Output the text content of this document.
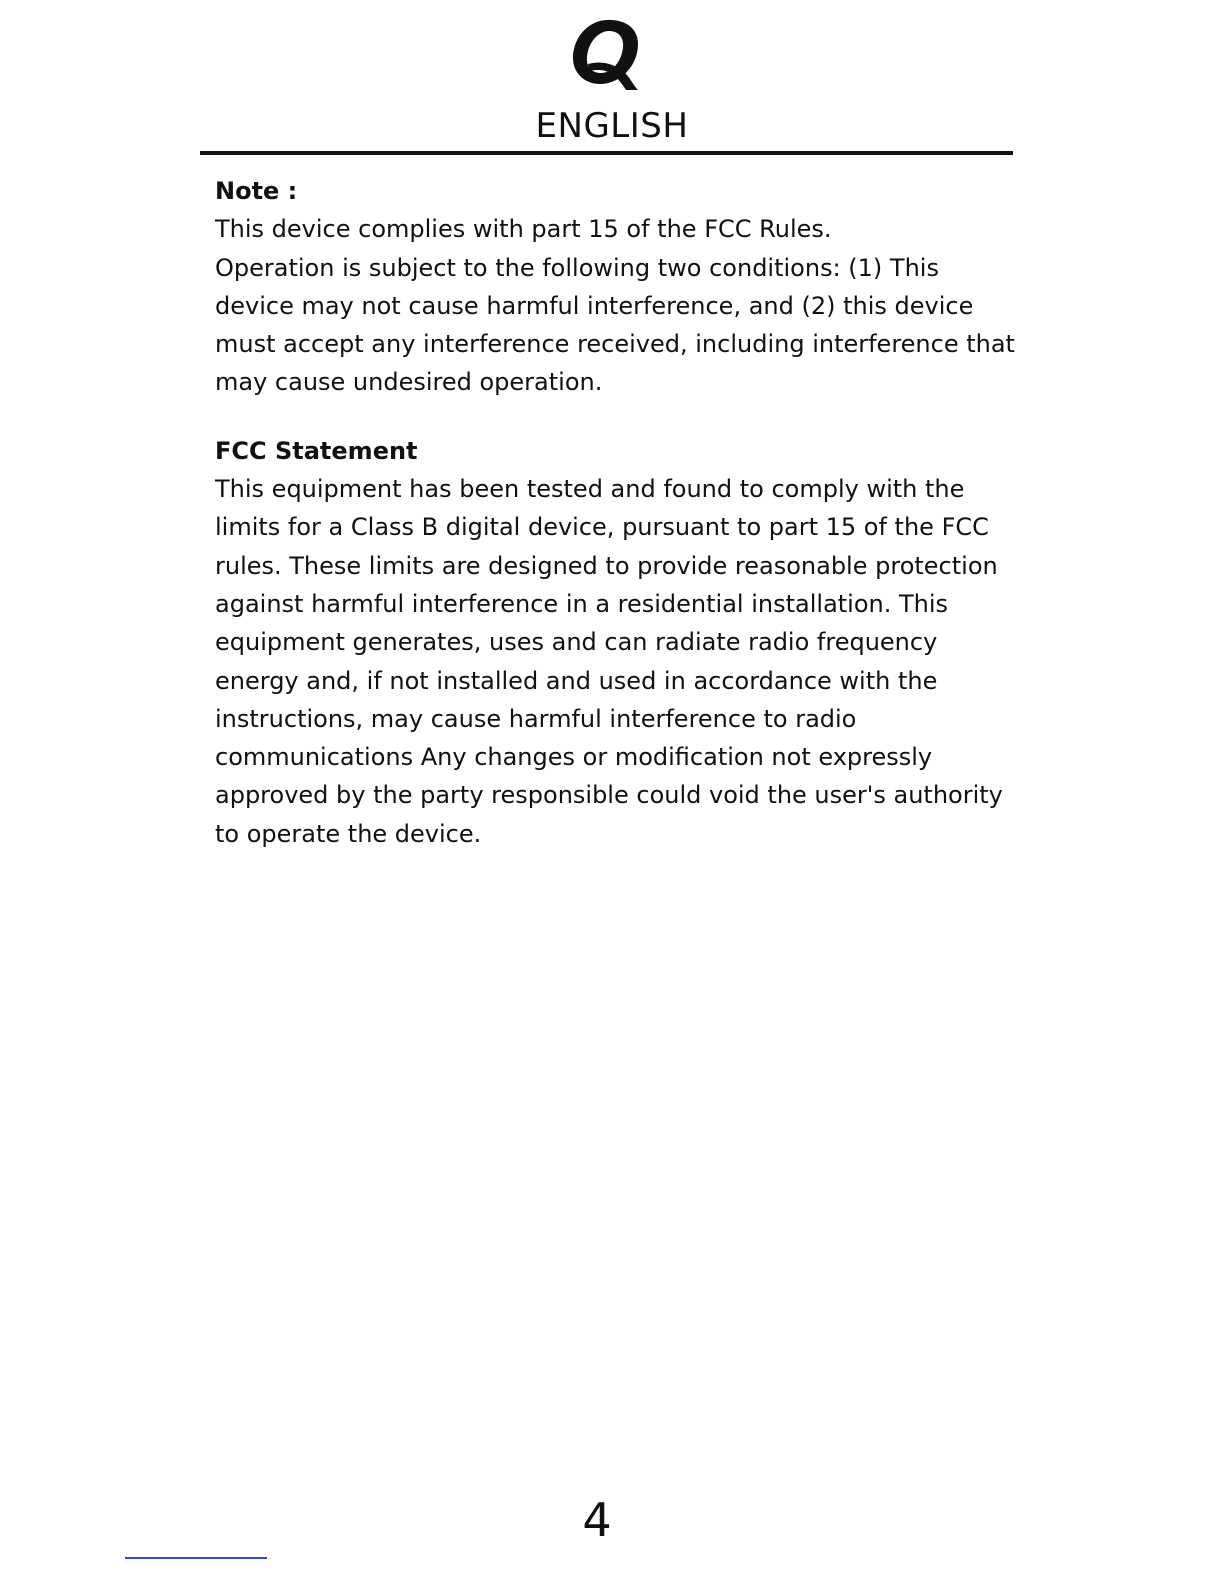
ENGLISH

Note :

This device complies with part 15 of the FCC Rules.

Operation is subject to the following two conditions: (1) This device may not cause harmful interference, and (2) this device must accept any interference received, including interference that may cause undesired operation.

FCC Statement

This equipment has been tested and found to comply with the limits for a Class B digital device, pursuant to part 15 of the FCC rules. These limits are designed to provide reasonable protection against harmful interference in a residential installation. This equipment generates, uses and can radiate radio frequency energy and, if not installed and used in accordance with the instructions, may cause harmful interference to radio communications Any changes or modification not expressly approved by the party responsible could void the user's authority to operate the device.

4
